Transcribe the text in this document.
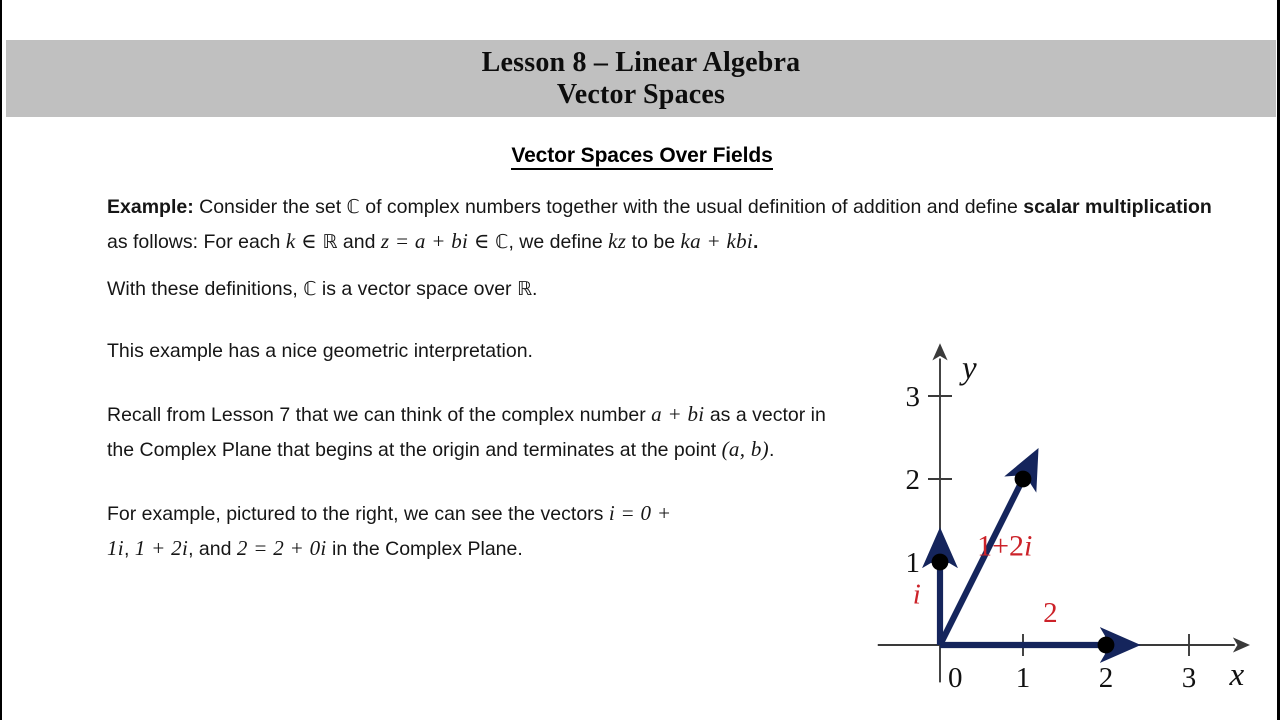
Lesson 8 – Linear Algebra
Vector Spaces
Vector Spaces Over Fields
Example: Consider the set ℂ of complex numbers together with the usual definition of addition and define scalar multiplication as follows: For each k ∈ ℝ and z = a + bi ∈ ℂ, we define kz to be ka + kbi.
With these definitions, ℂ is a vector space over ℝ.
This example has a nice geometric interpretation.
Recall from Lesson 7 that we can think of the complex number a + bi as a vector in the Complex Plane that begins at the origin and terminates at the point (a, b).
For example, pictured to the right, we can see the vectors i = 0 + 1i, 1 + 2i, and 2 = 2 + 0i in the Complex Plane.
1 2 3
1
2
3
0
i
1+2i
2
y
x
